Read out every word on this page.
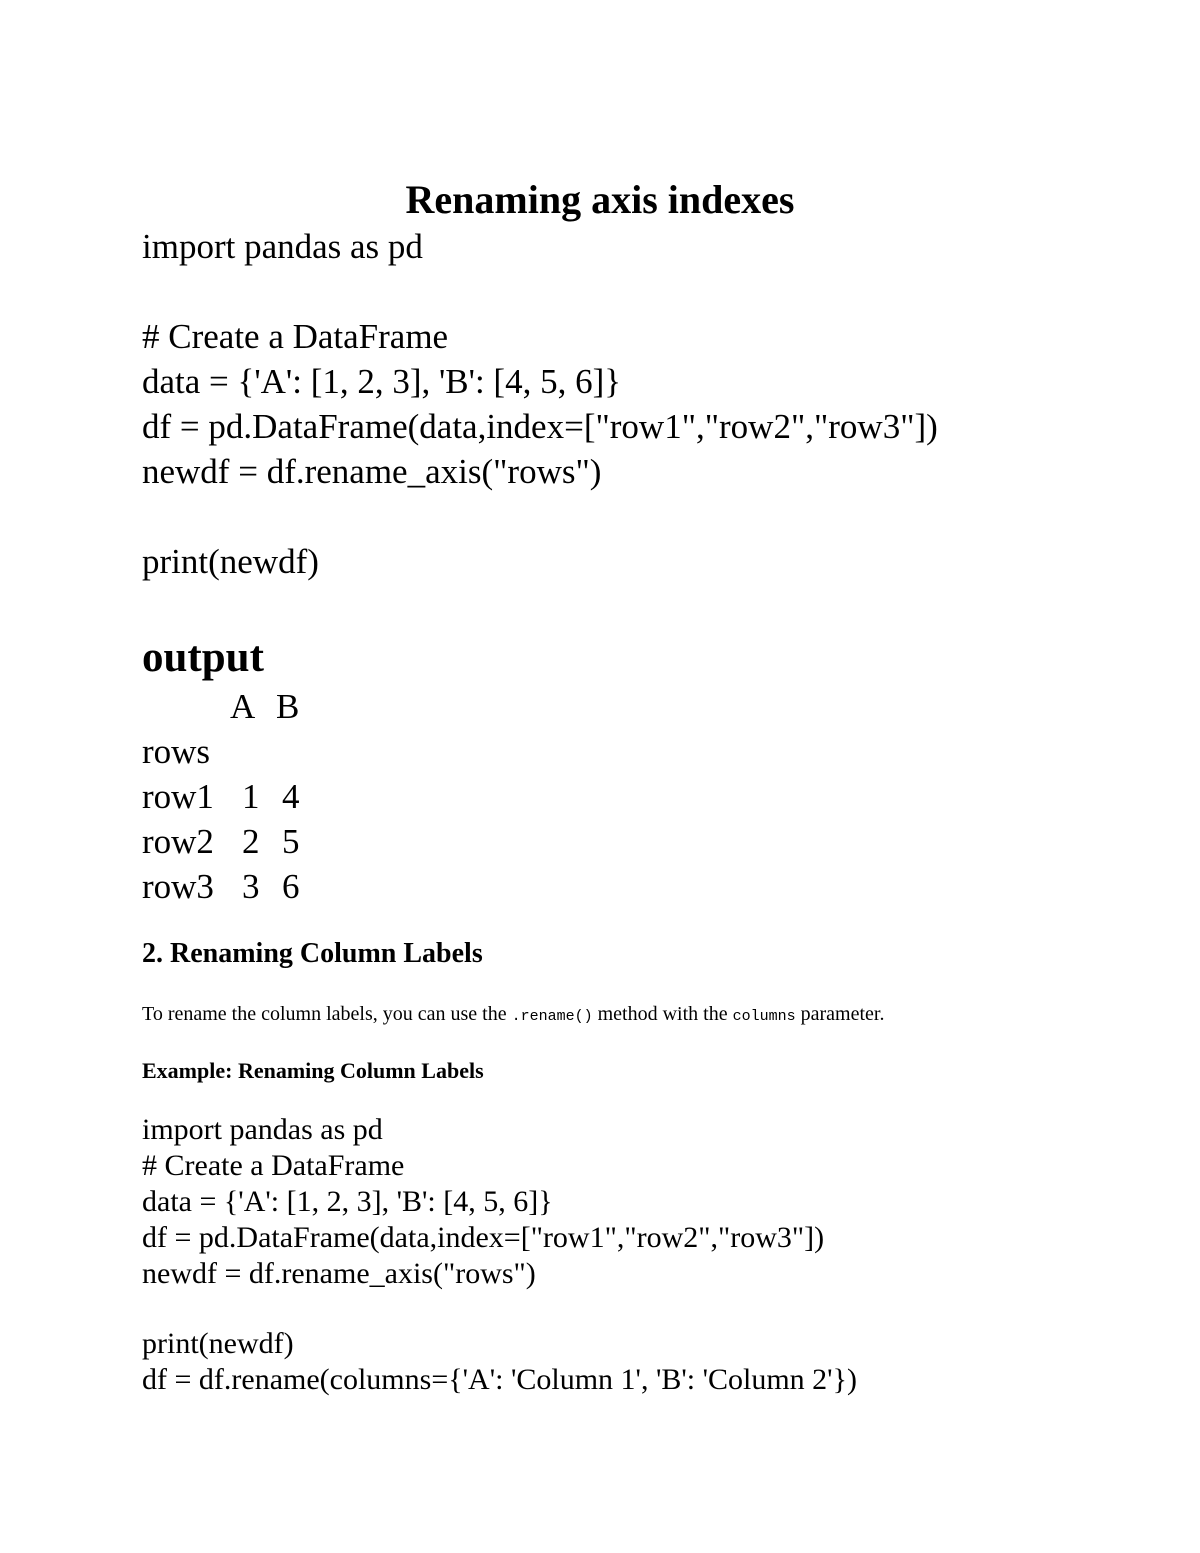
Renaming axis indexes
import pandas as pd
# Create a DataFrame
data = {'A': [1, 2, 3], 'B': [4, 5, 6]}
df = pd.DataFrame(data,index=["row1","row2","row3"])
newdf = df.rename_axis("rows")
print(newdf)
output
A B
rows
row1 1 4
row2 2 5
row3 3 6
2. Renaming Column Labels
To rename the column labels, you can use the .rename() method with the columns parameter.
Example: Renaming Column Labels
import pandas as pd
# Create a DataFrame
data = {'A': [1, 2, 3], 'B': [4, 5, 6]}
df = pd.DataFrame(data,index=["row1","row2","row3"])
newdf = df.rename_axis("rows")
print(newdf)
df = df.rename(columns={'A': 'Column 1', 'B': 'Column 2'})
